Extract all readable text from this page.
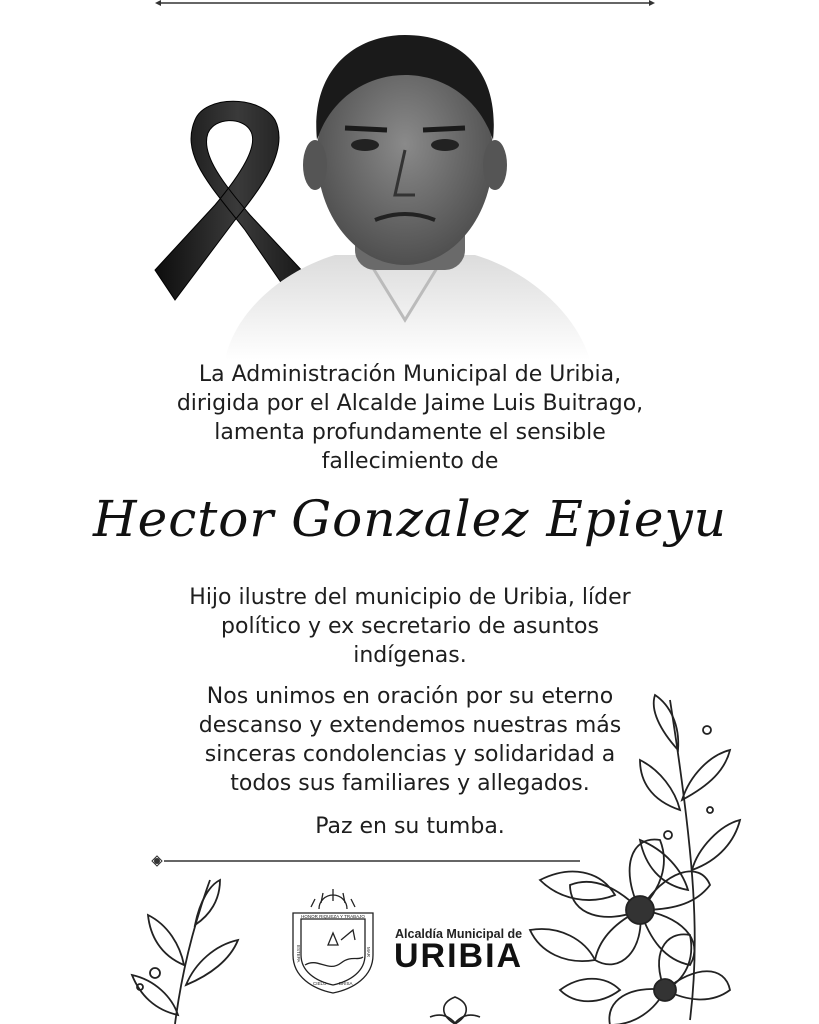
La Administración Municipal de Uribia,
dirigida por el Alcalde Jaime Luis Buitrago,
lamenta profundamente el sensible
fallecimiento de
Hector Gonzalez Epieyu
Hijo ilustre del municipio de Uribia, líder
político y ex secretario de asuntos
indígenas.
Nos unimos en oración por su eterno
descanso y extendemos nuestras más
sinceras condolencias y solidaridad a
todos sus familiares y allegados.
Paz en su tumba.
HONOR RIQUEZA Y TRABAJO
ESTEPA	MAR
CIELO	BRISA
Alcaldía Municipal de
URIBIA
